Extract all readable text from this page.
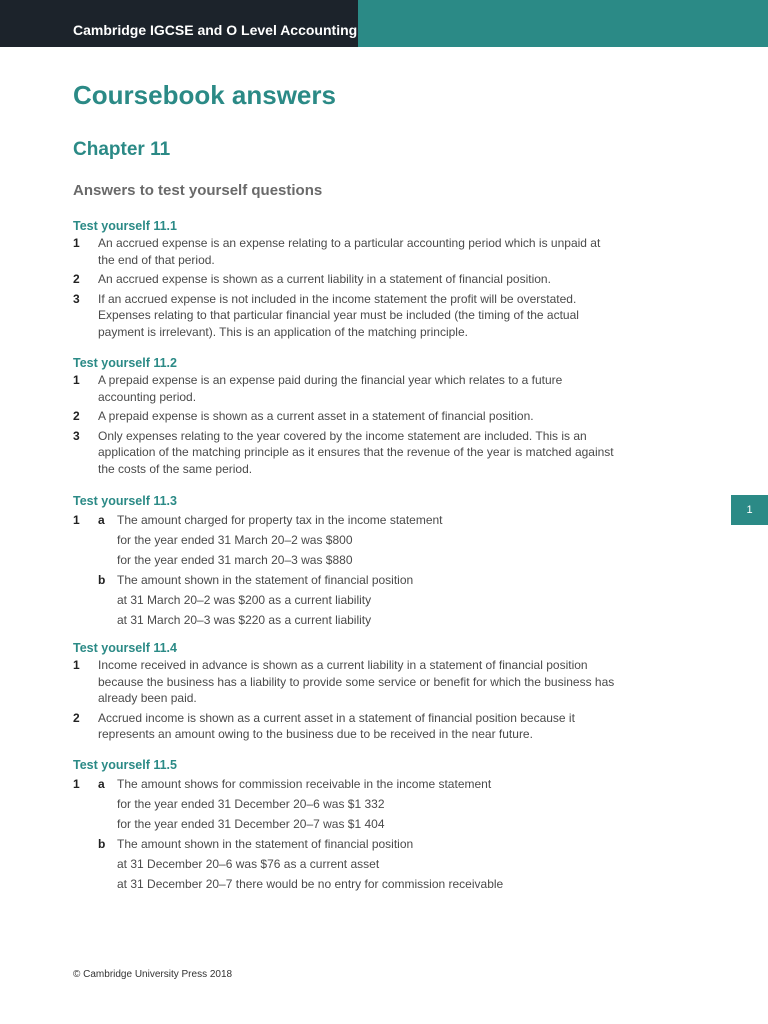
Cambridge IGCSE and O Level Accounting
Coursebook answers
Chapter 11
Answers to test yourself questions
Test yourself 11.1
1 An accrued expense is an expense relating to a particular accounting period which is unpaid at the end of that period.
2 An accrued expense is shown as a current liability in a statement of financial position.
3 If an accrued expense is not included in the income statement the profit will be overstated. Expenses relating to that particular financial year must be included (the timing of the actual payment is irrelevant). This is an application of the matching principle.
Test yourself 11.2
1 A prepaid expense is an expense paid during the financial year which relates to a future accounting period.
2 A prepaid expense is shown as a current asset in a statement of financial position.
3 Only expenses relating to the year covered by the income statement are included. This is an application of the matching principle as it ensures that the revenue of the year is matched against the costs of the same period.
Test yourself 11.3
1 a The amount charged for property tax in the income statement
for the year ended 31 March 20–2 was $800
for the year ended 31 march 20–3 was $880
b The amount shown in the statement of financial position
at 31 March 20–2 was $200 as a current liability
at 31 March 20–3 was $220 as a current liability
Test yourself 11.4
1 Income received in advance is shown as a current liability in a statement of financial position because the business has a liability to provide some service or benefit for which the business has already been paid.
2 Accrued income is shown as a current asset in a statement of financial position because it represents an amount owing to the business due to be received in the near future.
Test yourself 11.5
1 a The amount shows for commission receivable in the income statement
for the year ended 31 December 20–6 was $1 332
for the year ended 31 December 20–7 was $1 404
b The amount shown in the statement of financial position
at 31 December 20–6 was $76 as a current asset
at 31 December 20–7 there would be no entry for commission receivable
1
© Cambridge University Press 2018
